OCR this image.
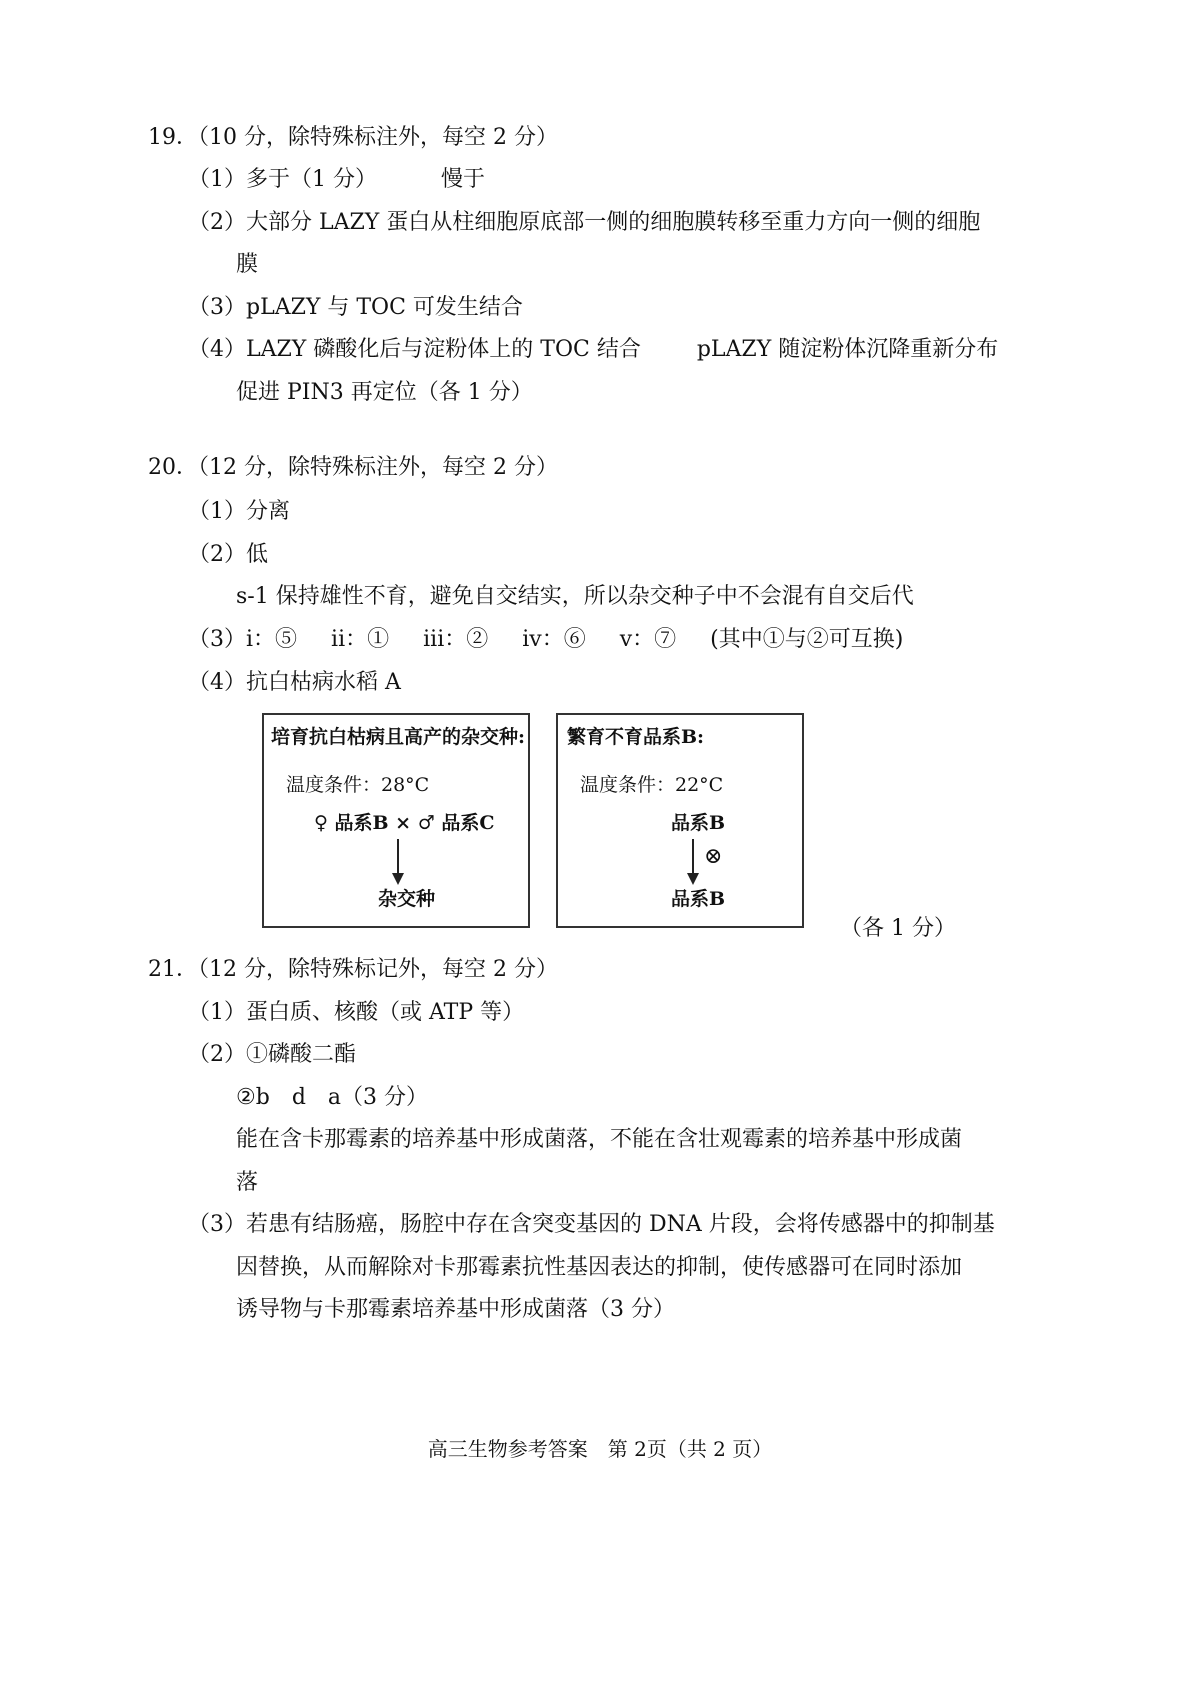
19．（10 分，除特殊标注外，每空 2 分）
（1）多于（1 分）	慢于
（2）大部分 LAZY 蛋白从柱细胞原底部一侧的细胞膜转移至重力方向一侧的细胞
膜
（3）pLAZY 与 TOC 可发生结合
（4）LAZY 磷酸化后与淀粉体上的 TOC 结合	pLAZY 随淀粉体沉降重新分布
促进 PIN3 再定位（各 1 分）
20．（12 分，除特殊标注外，每空 2 分）
（1）分离
（2）低
s-1 保持雄性不育，避免自交结实，所以杂交种子中不会混有自交后代
（3）i：⑤ ii：① iii：② iv：⑥ v：⑦ (其中①与②可互换)
（4）抗白枯病水稻 A
培育抗白枯病且高产的杂交种:
温度条件：28°C
♀ 品系B × ♂ 品系C
杂交种
繁育不育品系B:
温度条件：22°C
品系B
⊗
品系B
（各 1 分）
21．（12 分，除特殊标记外，每空 2 分）
（1）蛋白质、核酸（或 ATP 等）
（2）①磷酸二酯
②b d a（3 分）
能在含卡那霉素的培养基中形成菌落，不能在含壮观霉素的培养基中形成菌
落
（3）若患有结肠癌，肠腔中存在含突变基因的 DNA 片段，会将传感器中的抑制基
因替换，从而解除对卡那霉素抗性基因表达的抑制，使传感器可在同时添加
诱导物与卡那霉素培养基中形成菌落（3 分）
高三生物参考答案　第 2页（共 2 页）
